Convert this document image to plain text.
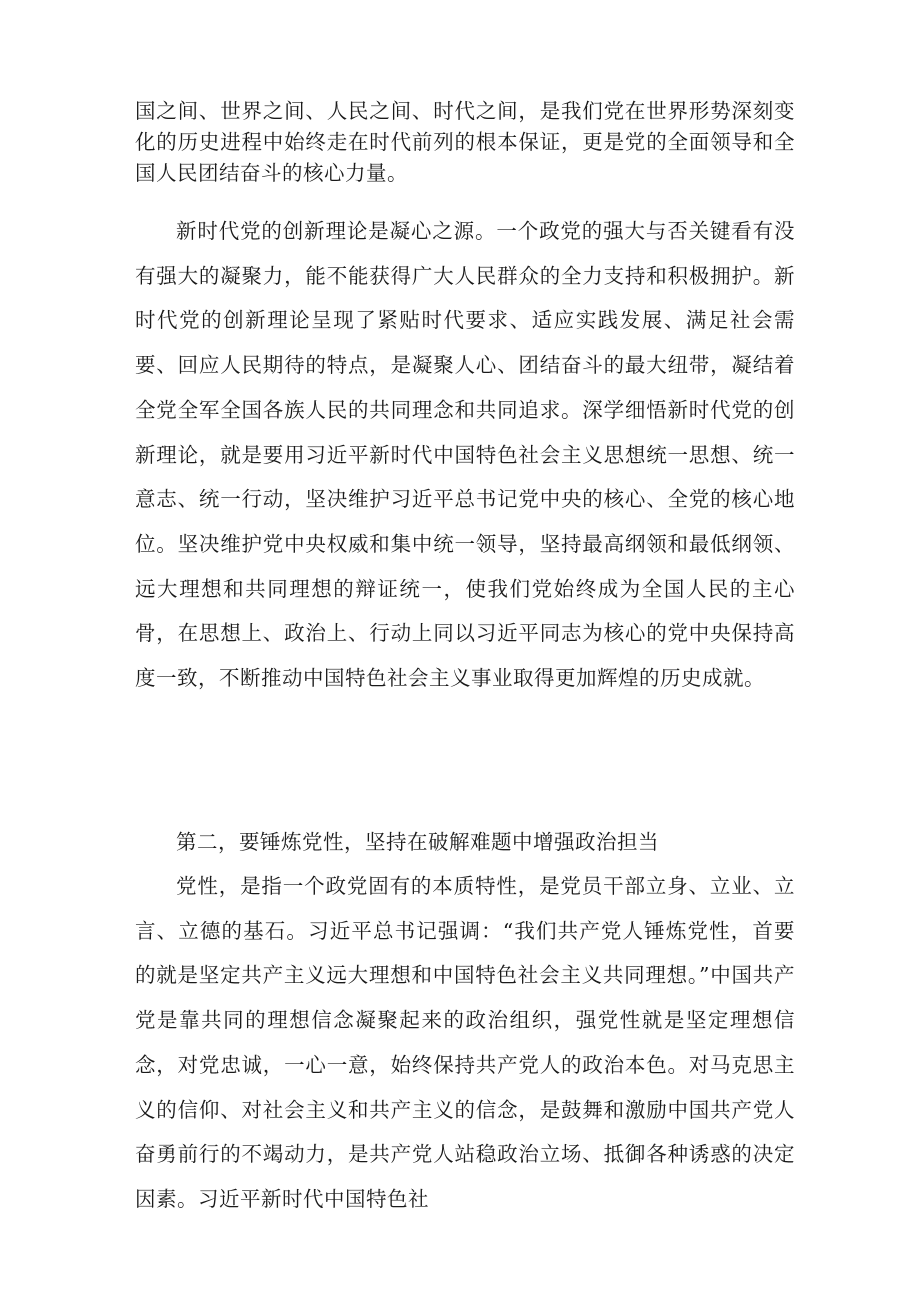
国之间、世界之间、人民之间、时代之间，是我们党在世界形势深刻变化的历史进程中始终走在时代前列的根本保证，更是党的全面领导和全国人民团结奋斗的核心力量。

新时代党的创新理论是凝心之源。一个政党的强大与否关键看有没有强大的凝聚力，能不能获得广大人民群众的全力支持和积极拥护。新时代党的创新理论呈现了紧贴时代要求、适应实践发展、满足社会需要、回应人民期待的特点，是凝聚人心、团结奋斗的最大纽带，凝结着全党全军全国各族人民的共同理念和共同追求。深学细悟新时代党的创新理论，就是要用习近平新时代中国特色社会主义思想统一思想、统一意志、统一行动，坚决维护习近平总书记党中央的核心、全党的核心地位。坚决维护党中央权威和集中统一领导，坚持最高纲领和最低纲领、远大理想和共同理想的辩证统一，使我们党始终成为全国人民的主心骨，在思想上、政治上、行动上同以习近平同志为核心的党中央保持高度一致，不断推动中国特色社会主义事业取得更加辉煌的历史成就。

第二，要锤炼党性，坚持在破解难题中增强政治担当

党性，是指一个政党固有的本质特性，是党员干部立身、立业、立言、立德的基石。习近平总书记强调：“我们共产党人锤炼党性，首要的就是坚定共产主义远大理想和中国特色社会主义共同理想。”中国共产党是靠共同的理想信念凝聚起来的政治组织，强党性就是坚定理想信念，对党忠诚，一心一意，始终保持共产党人的政治本色。对马克思主义的信仰、对社会主义和共产主义的信念，是鼓舞和激励中国共产党人奋勇前行的不竭动力，是共产党人站稳政治立场、抵御各种诱惑的决定因素。习近平新时代中国特色社
